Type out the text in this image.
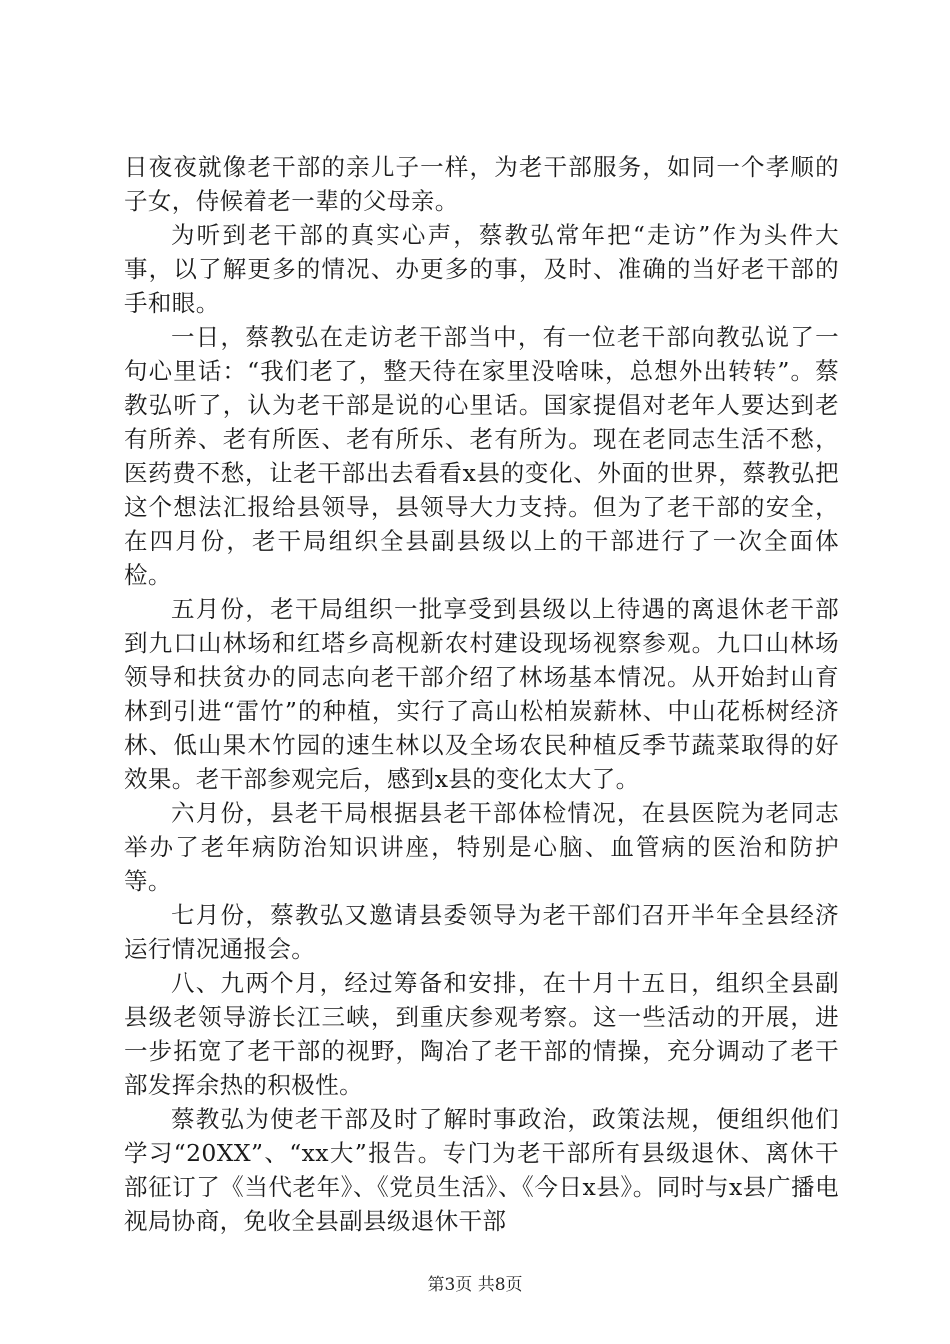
日夜夜就像老干部的亲儿子一样，为老干部服务，如同一个孝顺的子女，侍候着老一辈的父母亲。

为听到老干部的真实心声，蔡教弘常年把“走访”作为头件大事，以了解更多的情况、办更多的事，及时、准确的当好老干部的手和眼。

一日，蔡教弘在走访老干部当中，有一位老干部向教弘说了一句心里话：“我们老了，整天待在家里没啥味，总想外出转转”。蔡教弘听了，认为老干部是说的心里话。国家提倡对老年人要达到老有所养、老有所医、老有所乐、老有所为。现在老同志生活不愁，医药费不愁，让老干部出去看看x县的变化、外面的世界，蔡教弘把这个想法汇报给县领导，县领导大力支持。但为了老干部的安全，在四月份，老干局组织全县副县级以上的干部进行了一次全面体检。

五月份，老干局组织一批享受到县级以上待遇的离退休老干部到九口山林场和红塔乡高枧新农村建设现场视察参观。九口山林场领导和扶贫办的同志向老干部介绍了林场基本情况。从开始封山育林到引进“雷竹”的种植，实行了高山松柏炭薪林、中山花栎树经济林、低山果木竹园的速生林以及全场农民种植反季节蔬菜取得的好效果。老干部参观完后，感到x县的变化太大了。

六月份，县老干局根据县老干部体检情况，在县医院为老同志举办了老年病防治知识讲座，特别是心脑、血管病的医治和防护等。

七月份，蔡教弘又邀请县委领导为老干部们召开半年全县经济运行情况通报会。

八、九两个月，经过筹备和安排，在十月十五日，组织全县副县级老领导游长江三峡，到重庆参观考察。这一些活动的开展，进一步拓宽了老干部的视野，陶冶了老干部的情操，充分调动了老干部发挥余热的积极性。

蔡教弘为使老干部及时了解时事政治，政策法规，便组织他们学习“20XX”、“xx大”报告。专门为老干部所有县级退休、离休干部征订了《当代老年》、《党员生活》、《今日x县》。同时与x县广播电视局协商，免收全县副县级退休干部

第3页 共8页
